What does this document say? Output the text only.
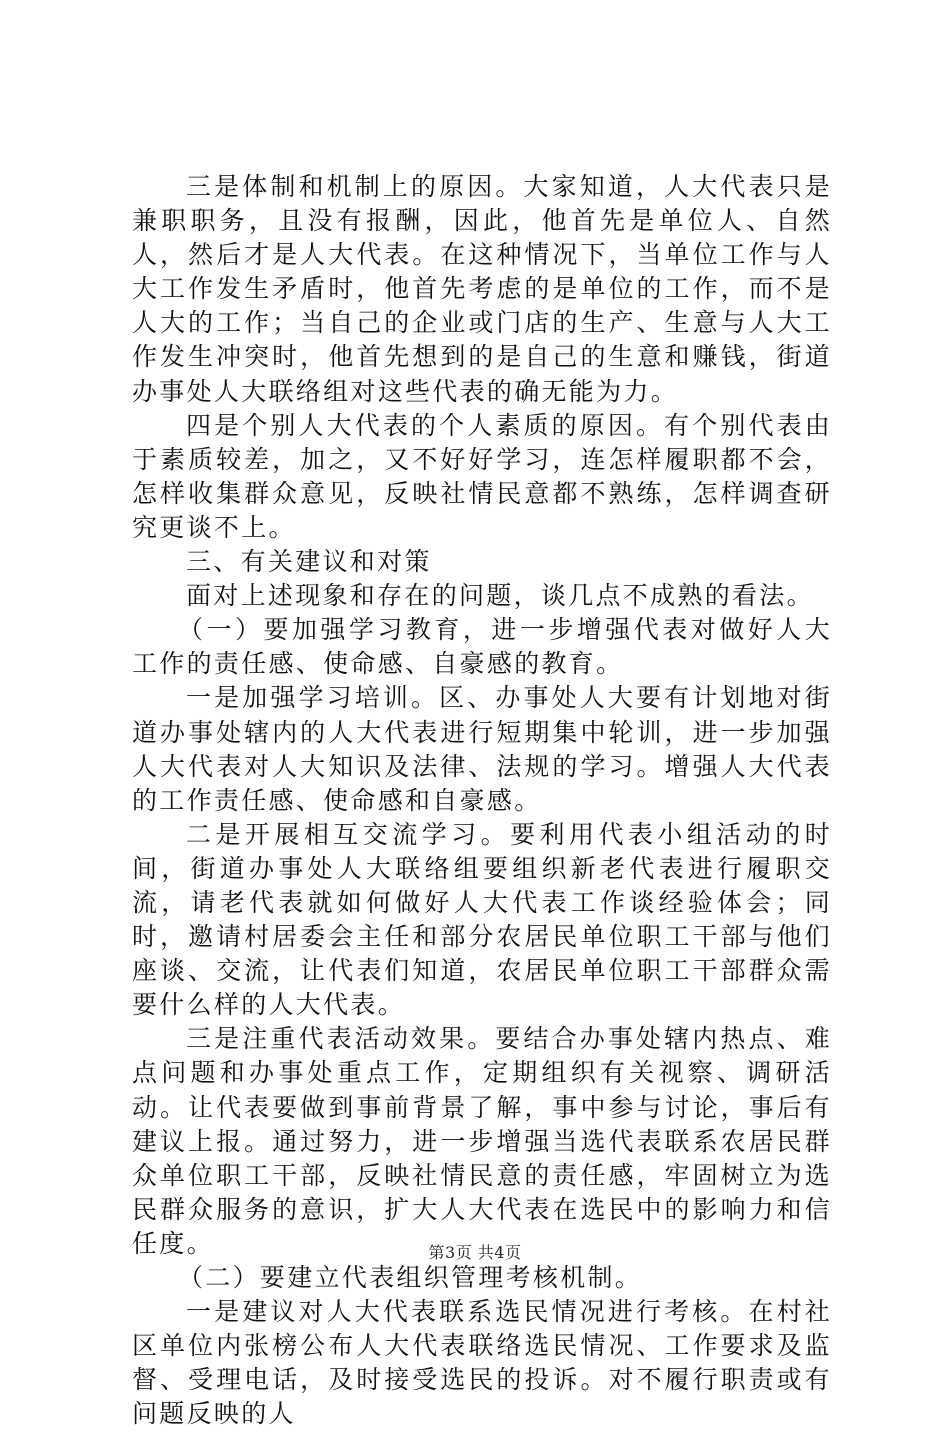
三是体制和机制上的原因。大家知道，人大代表只是兼职职务，且没有报酬，因此，他首先是单位人、自然人，然后才是人大代表。在这种情况下，当单位工作与人大工作发生矛盾时，他首先考虑的是单位的工作，而不是人大的工作；当自己的企业或门店的生产、生意与人大工作发生冲突时，他首先想到的是自己的生意和赚钱，街道办事处人大联络组对这些代表的确无能为力。

四是个别人大代表的个人素质的原因。有个别代表由于素质较差，加之，又不好好学习，连怎样履职都不会，怎样收集群众意见，反映社情民意都不熟练，怎样调查研究更谈不上。

三、有关建议和对策

面对上述现象和存在的问题，谈几点不成熟的看法。

（一）要加强学习教育，进一步增强代表对做好人大工作的责任感、使命感、自豪感的教育。

一是加强学习培训。区、办事处人大要有计划地对街道办事处辖内的人大代表进行短期集中轮训，进一步加强人大代表对人大知识及法律、法规的学习。增强人大代表的工作责任感、使命感和自豪感。

二是开展相互交流学习。要利用代表小组活动的时间，街道办事处人大联络组要组织新老代表进行履职交流，请老代表就如何做好人大代表工作谈经验体会；同时，邀请村居委会主任和部分农居民单位职工干部与他们座谈、交流，让代表们知道，农居民单位职工干部群众需要什么样的人大代表。

三是注重代表活动效果。要结合办事处辖内热点、难点问题和办事处重点工作，定期组织有关视察、调研活动。让代表要做到事前背景了解，事中参与讨论，事后有建议上报。通过努力，进一步增强当选代表联系农居民群众单位职工干部，反映社情民意的责任感，牢固树立为选民群众服务的意识，扩大人大代表在选民中的影响力和信任度。

（二）要建立代表组织管理考核机制。

一是建议对人大代表联系选民情况进行考核。在村社区单位内张榜公布人大代表联络选民情况、工作要求及监督、受理电话，及时接受选民的投诉。对不履行职责或有问题反映的人

第3页 共4页
